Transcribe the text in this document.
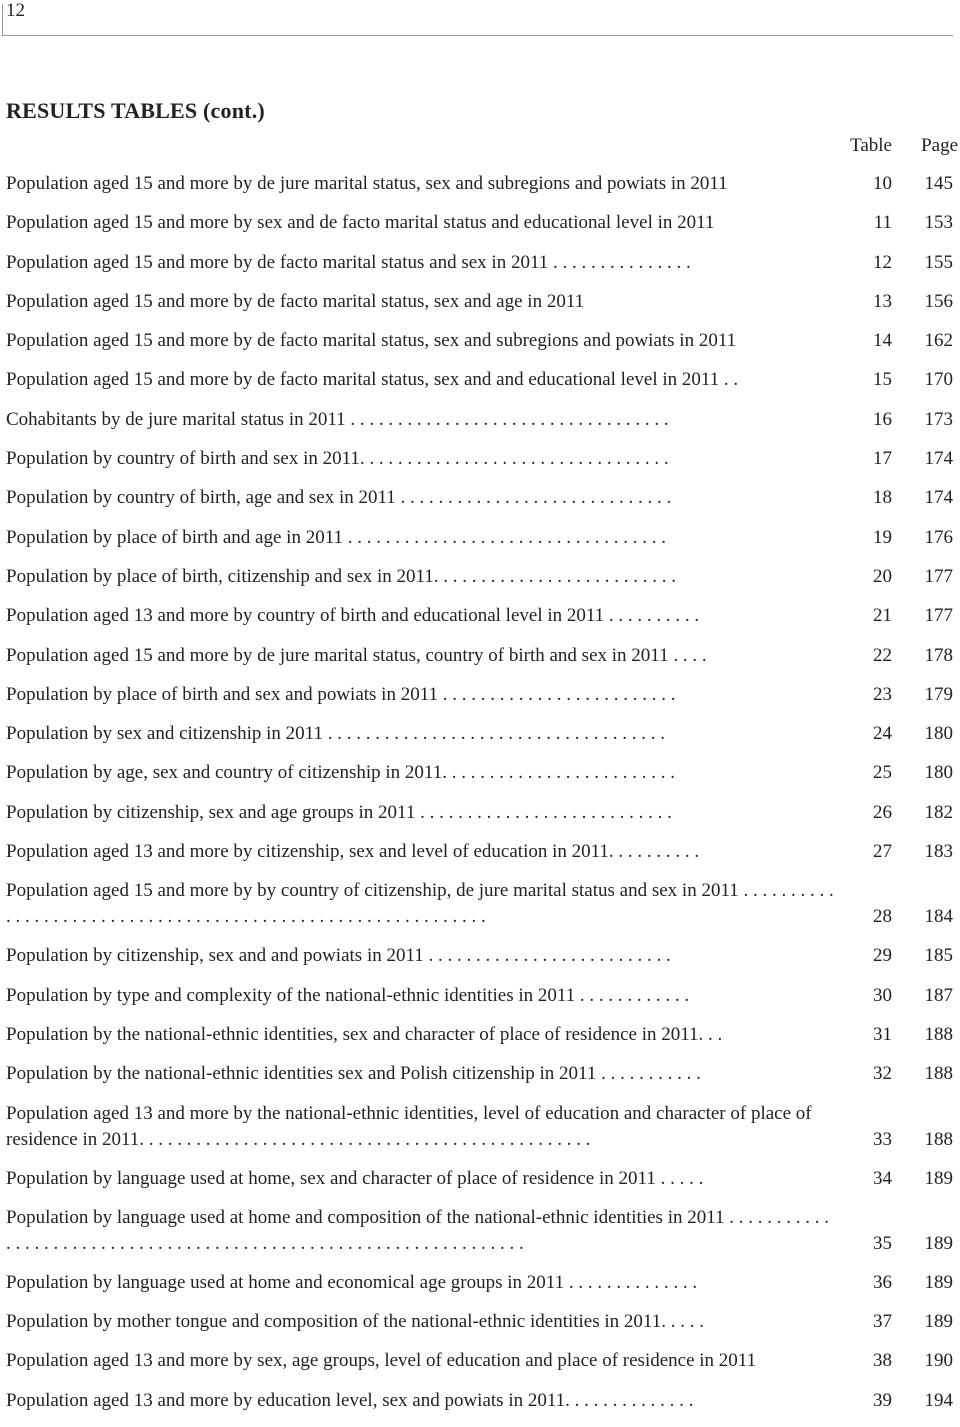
12
RESULTS TABLES (cont.)
Table Page
Population aged 15 and more by de jure marital status, sex and subregions and powiats in 2011	10 145
Population aged 15 and more by sex and de facto marital status and educational level in 2011	11 153
Population aged 15 and more by de facto marital status and sex in 2011 . . . . . . . . . . . . . . .	12 155
Population aged 15 and more by de facto marital status, sex and age in 2011	13 156
Population aged 15 and more by de facto marital status, sex and subregions and powiats in 2011	14 162
Population aged 15 and more by de facto marital status, sex and and educational level in 2011 . .	15 170
Cohabitants by de jure marital status in 2011 . . . . . . . . . . . . . . . . . . . . . . . . . . . . . . . . . .	16 173
Population by country of birth and sex in 2011. . . . . . . . . . . . . . . . . . . . . . . . . . . . . . . . .	17 174
Population by country of birth, age and sex in 2011 . . . . . . . . . . . . . . . . . . . . . . . . . . . . .	18 174
Population by place of birth and age in 2011 . . . . . . . . . . . . . . . . . . . . . . . . . . . . . . . . . .	19 176
Population by place of birth, citizenship and sex in 2011. . . . . . . . . . . . . . . . . . . . . . . . . .	20 177
Population aged 13 and more by country of birth and educational level in 2011 . . . . . . . . . .	21 177
Population aged 15 and more by de jure marital status, country of birth and sex in 2011 . . . .	22 178
Population by place of birth and sex and powiats in 2011 . . . . . . . . . . . . . . . . . . . . . . . . .	23 179
Population by sex and citizenship in 2011 . . . . . . . . . . . . . . . . . . . . . . . . . . . . . . . . . . . .	24 180
Population by age, sex and country of citizenship in 2011. . . . . . . . . . . . . . . . . . . . . . . . .	25 180
Population by citizenship, sex and age groups in 2011 . . . . . . . . . . . . . . . . . . . . . . . . . . .	26 182
Population aged 13 and more by citizenship, sex and level of education in 2011. . . . . . . . . .	27 183
Population aged 15 and more by by country of citizenship, de jure marital status and sex in 2011 . . . . . . . . . . . . . . . . . . . . . . . . . . . . . . . . . . . . . . . . . . . . . . . . . . . . . . . . . . . . .	28 184
Population by citizenship, sex and and powiats in 2011 . . . . . . . . . . . . . . . . . . . . . . . . . .	29 185
Population by type and complexity of the national-ethnic identities in 2011 . . . . . . . . . . . .	30 187
Population by the national-ethnic identities, sex and character of place of residence in 2011. . .	31 188
Population by the national-ethnic identities sex and Polish citizenship in 2011 . . . . . . . . . . .	32 188
Population aged 13 and more by the national-ethnic identities, level of education and character of place of residence in 2011. . . . . . . . . . . . . . . . . . . . . . . . . . . . . . . . . . . . . . . . . . . . . . . .	33 188
Population by language used at home, sex and character of place of residence in 2011 . . . . .	34 189
Population by language used at home and composition of the national-ethnic identities in 2011 . . . . . . . . . . . . . . . . . . . . . . . . . . . . . . . . . . . . . . . . . . . . . . . . . . . . . . . . . . . . . . . . . .	35 189
Population by language used at home and economical age groups in 2011 . . . . . . . . . . . . . .	36 189
Population by mother tongue and composition of the national-ethnic identities in 2011. . . . .	37 189
Population aged 13 and more by sex, age groups, level of education and place of residence in 2011	38 190
Population aged 13 and more by education level, sex and powiats in 2011. . . . . . . . . . . . . .	39 194
